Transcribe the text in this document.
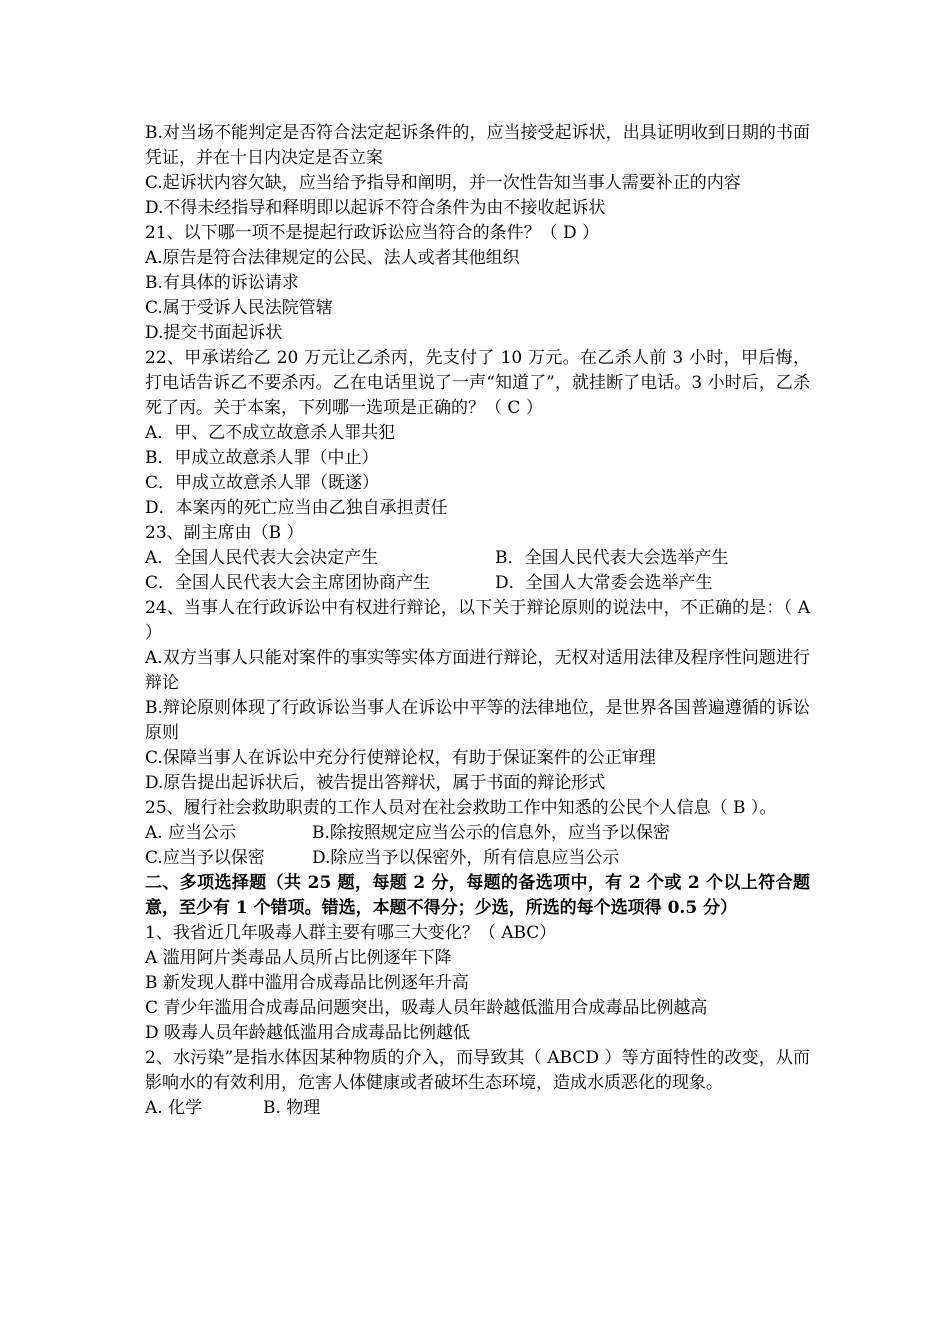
B.对当场不能判定是否符合法定起诉条件的，应当接受起诉状，出具证明收到日期的书面凭证，并在十日内决定是否立案

C.起诉状内容欠缺，应当给予指导和阐明，并一次性告知当事人需要补正的内容

D.不得未经指导和释明即以起诉不符合条件为由不接收起诉状

21、以下哪一项不是提起行政诉讼应当符合的条件？（ D ）

A.原告是符合法律规定的公民、法人或者其他组织

B.有具体的诉讼请求

C.属于受诉人民法院管辖

D.提交书面起诉状

22、甲承诺给乙 20 万元让乙杀丙，先支付了 10 万元。在乙杀人前 3 小时，甲后悔，打电话告诉乙不要杀丙。乙在电话里说了一声“知道了”，就挂断了电话。3 小时后，乙杀死了丙。关于本案，下列哪一选项是正确的？（ C ）

A．甲、乙不成立故意杀人罪共犯

B．甲成立故意杀人罪（中止）

C．甲成立故意杀人罪（既遂）

D．本案丙的死亡应当由乙独自承担责任

23、副主席由（B ）

A．全国人民代表大会决定产生	B．全国人民代表大会选举产生
C．全国人民代表大会主席团协商产生	D．全国人大常委会选举产生

24、当事人在行政诉讼中有权进行辩论，以下关于辩论原则的说法中，不正确的是：（ A ）

A.双方当事人只能对案件的事实等实体方面进行辩论，无权对适用法律及程序性问题进行辩论

B.辩论原则体现了行政诉讼当事人在诉讼中平等的法律地位，是世界各国普遍遵循的诉讼原则

C.保障当事人在诉讼中充分行使辩论权，有助于保证案件的公正审理

D.原告提出起诉状后，被告提出答辩状，属于书面的辩论形式

25、履行社会救助职责的工作人员对在社会救助工作中知悉的公民个人信息（ B ）。

A. 应当公示	B.除按照规定应当公示的信息外，应当予以保密
C.应当予以保密	D.除应当予以保密外，所有信息应当公示

二、多项选择题（共 25 题，每题 2 分，每题的备选项中，有 2 个或 2 个以上符合题意，至少有 1 个错项。错选，本题不得分；少选，所选的每个选项得 0.5 分）

1、我省近几年吸毒人群主要有哪三大变化？（ ABC）

A 滥用阿片类毒品人员所占比例逐年下降

B 新发现人群中滥用合成毒品比例逐年升高

C 青少年滥用合成毒品问题突出，吸毒人员年龄越低滥用合成毒品比例越高

D 吸毒人员年龄越低滥用合成毒品比例越低

2、水污染”是指水体因某种物质的介入，而导致其（ ABCD ）等方面特性的改变，从而影响水的有效利用，危害人体健康或者破坏生态环境，造成水质恶化的现象。

A. 化学	B. 物理
